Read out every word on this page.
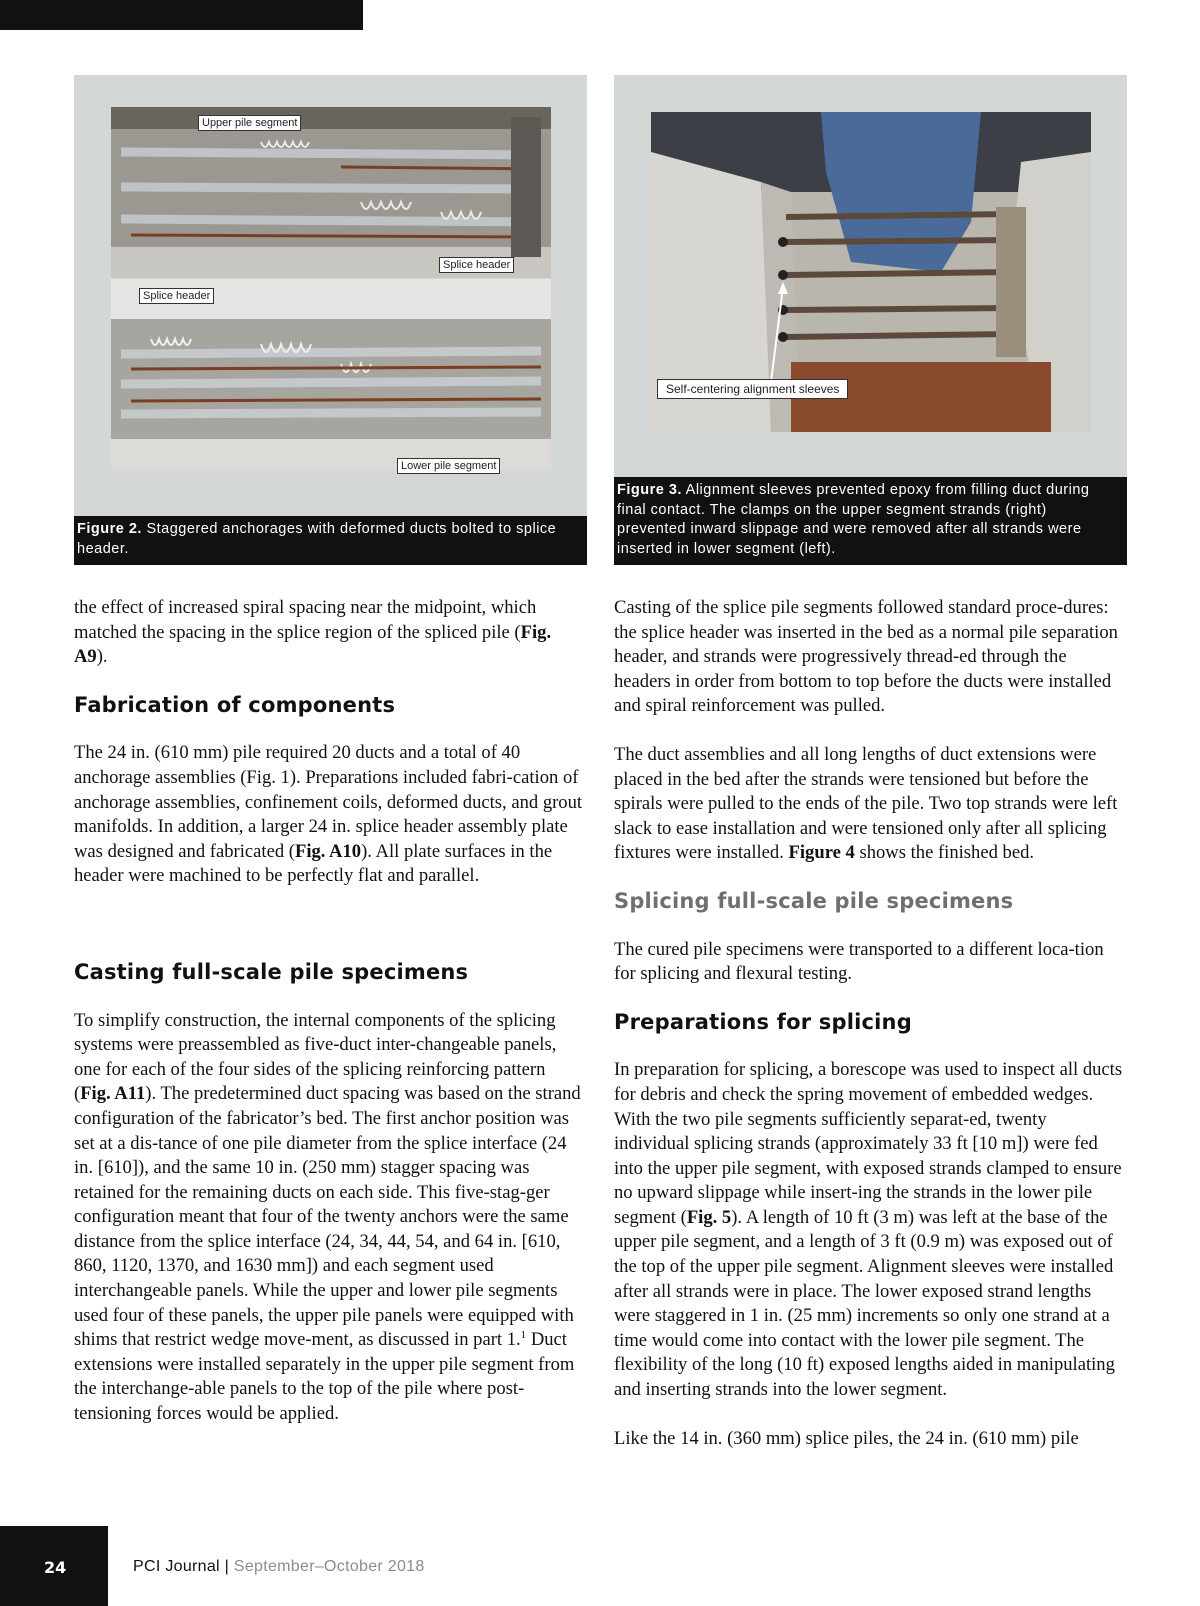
Upper pile segment
Splice header
Splice header
Lower pile segment
Figure 2. Staggered anchorages with deformed ducts bolted to splice header.
Self-centering alignment sleeves
Figure 3. Alignment sleeves prevented epoxy from filling duct during final contact. The clamps on the upper segment strands (right) prevented inward slippage and were removed after all strands were inserted in lower segment (left).

the effect of increased spiral spacing near the midpoint, which matched the spacing in the splice region of the spliced pile (Fig. A9).

Fabrication of components

The 24 in. (610 mm) pile required 20 ducts and a total of 40 anchorage assemblies (Fig. 1). Preparations included fabri-cation of anchorage assemblies, confinement coils, deformed ducts, and grout manifolds. In addition, a larger 24 in. splice header assembly plate was designed and fabricated (Fig. A10). All plate surfaces in the header were machined to be perfectly flat and parallel.

Casting full-scale pile specimens

To simplify construction, the internal components of the splicing systems were preassembled as five-duct inter-changeable panels, one for each of the four sides of the splicing reinforcing pattern (Fig. A11). The predetermined duct spacing was based on the strand configuration of the fabricator’s bed. The first anchor position was set at a dis-tance of one pile diameter from the splice interface (24 in. [610]), and the same 10 in. (250 mm) stagger spacing was retained for the remaining ducts on each side. This five-stag-ger configuration meant that four of the twenty anchors were the same distance from the splice interface (24, 34, 44, 54, and 64 in. [610, 860, 1120, 1370, and 1630 mm]) and each segment used interchangeable panels. While the upper and lower pile segments used four of these panels, the upper pile panels were equipped with shims that restrict wedge move-ment, as discussed in part 1.$^1$ Duct extensions were installed separately in the upper pile segment from the interchange-able panels to the top of the pile where post-tensioning forces would be applied.

Casting of the splice pile segments followed standard proce-dures: the splice header was inserted in the bed as a normal pile separation header, and strands were progressively thread-ed through the headers in order from bottom to top before the ducts were installed and spiral reinforcement was pulled.

The duct assemblies and all long lengths of duct extensions were placed in the bed after the strands were tensioned but before the spirals were pulled to the ends of the pile. Two top strands were left slack to ease installation and were tensioned only after all splicing fixtures were installed. Figure 4 shows the finished bed.

Splicing full-scale pile specimens

The cured pile specimens were transported to a different loca-tion for splicing and flexural testing.

Preparations for splicing

In preparation for splicing, a borescope was used to inspect all ducts for debris and check the spring movement of embedded wedges. With the two pile segments sufficiently separat-ed, twenty individual splicing strands (approximately 33 ft [10 m]) were fed into the upper pile segment, with exposed strands clamped to ensure no upward slippage while insert-ing the strands in the lower pile segment (Fig. 5). A length of 10 ft (3 m) was left at the base of the upper pile segment, and a length of 3 ft (0.9 m) was exposed out of the top of the upper pile segment. Alignment sleeves were installed after all strands were in place. The lower exposed strand lengths were staggered in 1 in. (25 mm) increments so only one strand at a time would come into contact with the lower pile segment. The flexibility of the long (10 ft) exposed lengths aided in manipulating and inserting strands into the lower segment.

Like the 14 in. (360 mm) splice piles, the 24 in. (610 mm) pile

24	PCI Journal | September–October 2018
